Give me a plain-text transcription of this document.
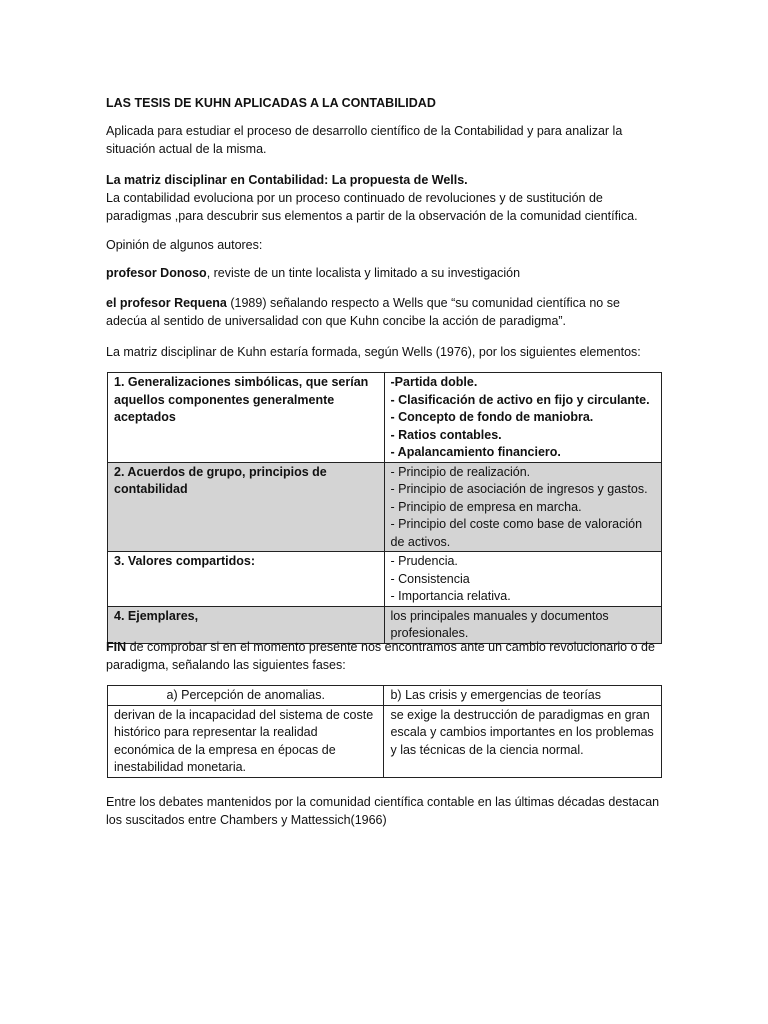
LAS TESIS DE KUHN APLICADAS A LA CONTABILIDAD
Aplicada para estudiar el proceso de desarrollo científico de la Contabilidad y para analizar la situación actual de la misma.
La matriz disciplinar en Contabilidad: La propuesta de Wells.
La contabilidad evoluciona por un proceso continuado de revoluciones y de sustitución de paradigmas ,para descubrir sus elementos a partir de la observación de la comunidad científica.
Opinión de algunos autores:
profesor Donoso, reviste de un tinte localista y limitado a su investigación
el profesor Requena (1989) señalando respecto a Wells que “su comunidad científica no se adecúa al sentido de universalidad con que Kuhn concibe la acción de paradigma”.
La matriz disciplinar de Kuhn estaría formada, según Wells (1976), por los siguientes elementos:
1. Generalizaciones simbólicas, que serían aquellos componentes generalmente aceptados	-Partida doble.
- Clasificación de activo en fijo y circulante.
- Concepto de fondo de maniobra.
- Ratios contables.
- Apalancamiento financiero.

2. Acuerdos de grupo, principios de contabilidad	- Principio de realización.
- Principio de asociación de ingresos y gastos.
- Principio de empresa en marcha.
- Principio del coste como base de valoración de activos.

3. Valores compartidos:	- Prudencia.
- Consistencia
- Importancia relativa.

4. Ejemplares,	los principales manuales y documentos profesionales.
FIN de comprobar si en el momento presente nos encontramos ante un cambio revolucionario o de paradigma, señalando las siguientes fases:
a) Percepción de anomalias.	b) Las crisis y emergencias de teorías
derivan de la incapacidad del sistema de coste histórico para representar la realidad económica de la empresa en épocas de inestabilidad monetaria.	se exige la destrucción de paradigmas en gran escala y cambios importantes en los problemas y las técnicas de la ciencia normal.
Entre los debates mantenidos por la comunidad científica contable en las últimas décadas destacan los suscitados entre Chambers y Mattessich(1966)
